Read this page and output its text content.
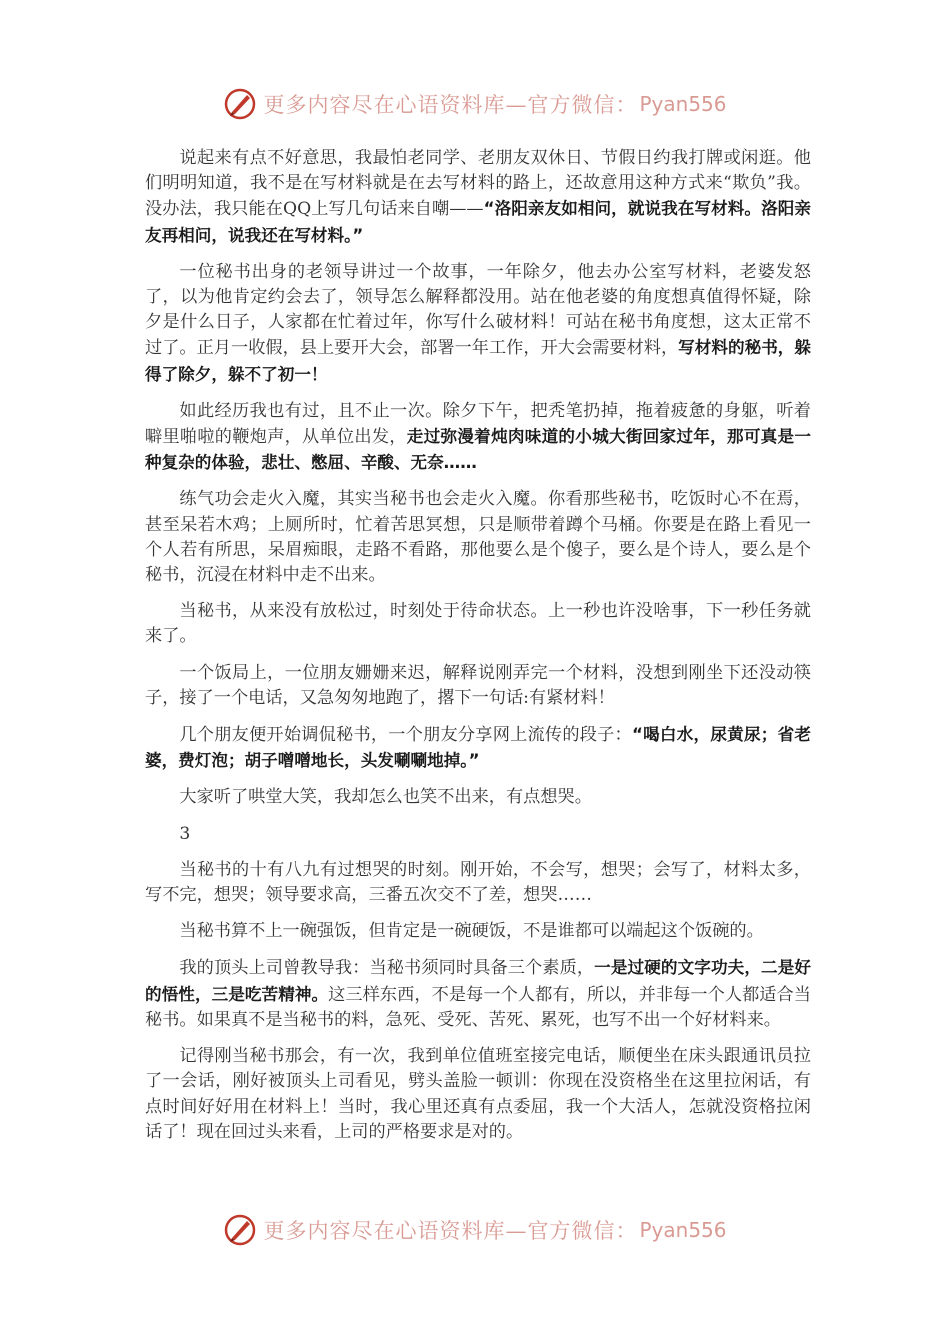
更多内容尽在心语资料库—官方微信： Pyan556

说起来有点不好意思，我最怕老同学、老朋友双休日、节假日约我打牌或闲逛。他们明明知道，我不是在写材料就是在去写材料的路上，还故意用这种方式来“欺负”我。没办法，我只能在QQ上写几句话来自嘲——“洛阳亲友如相问，就说我在写材料。洛阳亲友再相问，说我还在写材料。”

一位秘书出身的老领导讲过一个故事，一年除夕，他去办公室写材料，老婆发怒了，以为他肯定约会去了，领导怎么解释都没用。站在他老婆的角度想真值得怀疑，除夕是什么日子，人家都在忙着过年，你写什么破材料！可站在秘书角度想，这太正常不过了。正月一收假，县上要开大会，部署一年工作，开大会需要材料，写材料的秘书，躲得了除夕，躲不了初一！

如此经历我也有过，且不止一次。除夕下午，把秃笔扔掉，拖着疲惫的身躯，听着噼里啪啦的鞭炮声，从单位出发，走过弥漫着炖肉味道的小城大街回家过年，那可真是一种复杂的体验，悲壮、憋屈、辛酸、无奈……

练气功会走火入魔，其实当秘书也会走火入魔。你看那些秘书，吃饭时心不在焉，甚至呆若木鸡；上厕所时，忙着苦思冥想，只是顺带着蹲个马桶。你要是在路上看见一个人若有所思，呆眉痴眼，走路不看路，那他要么是个傻子，要么是个诗人，要么是个秘书，沉浸在材料中走不出来。

当秘书，从来没有放松过，时刻处于待命状态。上一秒也许没啥事，下一秒任务就来了。

一个饭局上，一位朋友姗姗来迟，解释说刚弄完一个材料，没想到刚坐下还没动筷子，接了一个电话，又急匆匆地跑了，撂下一句话:有紧材料！

几个朋友便开始调侃秘书，一个朋友分享网上流传的段子：“喝白水，尿黄尿；省老婆，费灯泡；胡子噌噌地长，头发唰唰地掉。”

大家听了哄堂大笑，我却怎么也笑不出来，有点想哭。

3

当秘书的十有八九有过想哭的时刻。刚开始，不会写，想哭；会写了，材料太多，写不完，想哭；领导要求高，三番五次交不了差，想哭……

当秘书算不上一碗强饭，但肯定是一碗硬饭，不是谁都可以端起这个饭碗的。

我的顶头上司曾教导我：当秘书须同时具备三个素质，一是过硬的文字功夫，二是好的悟性，三是吃苦精神。这三样东西，不是每一个人都有，所以，并非每一个人都适合当秘书。如果真不是当秘书的料，急死、受死、苦死、累死，也写不出一个好材料来。

记得刚当秘书那会，有一次，我到单位值班室接完电话，顺便坐在床头跟通讯员拉了一会话，刚好被顶头上司看见，劈头盖脸一顿训：你现在没资格坐在这里拉闲话，有点时间好好用在材料上！当时，我心里还真有点委屈，我一个大活人，怎就没资格拉闲话了！现在回过头来看，上司的严格要求是对的。

更多内容尽在心语资料库—官方微信： Pyan556
